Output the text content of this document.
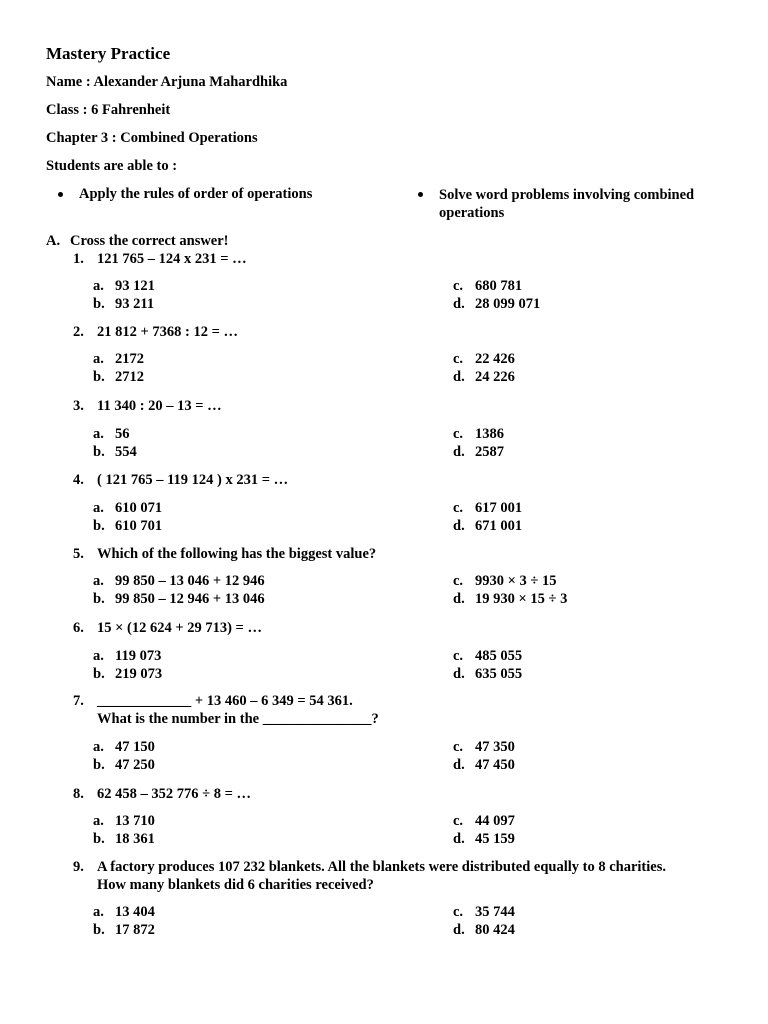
Mastery Practice
Name : Alexander Arjuna Mahardhika
Class : 6 Fahrenheit
Chapter 3 : Combined Operations
Students are able to :
Apply the rules of order of operations	Solve word problems involving combined operations
A. Cross the correct answer!
1. 121 765 – 124 x 231 = …
a. 93 121
b. 93 211
c. 680 781
d. 28 099 071
2. 21 812 + 7368 : 12 = …
a. 2172
b. 2712
c. 22 426
d. 24 226
3. 11 340 : 20 – 13 = …
a. 56
b. 554
c. 1386
d. 2587
4. ( 121 765 – 119 124 ) x 231 = …
a. 610 071
b. 610 701
c. 617 001
d. 671 001
5. Which of the following has the biggest value?
a. 99 850 – 13 046 + 12 946
b. 99 850 – 12 946 + 13 046
c. 9930 × 3 ÷ 15
d. 19 930 × 15 ÷ 3
6. 15 × (12 624 + 29 713) = …
a. 119 073
b. 219 073
c. 485 055
d. 635 055
7. _____________ + 13 460 – 6 349 = 54 361.
What is the number in the _______________?
a. 47 150
b. 47 250
c. 47 350
d. 47 450
8. 62 458 – 352 776 ÷ 8 = …
a. 13 710
b. 18 361
c. 44 097
d. 45 159
9. A factory produces 107 232 blankets. All the blankets were distributed equally to 8 charities.
How many blankets did 6 charities received?
a. 13 404
b. 17 872
c. 35 744
d. 80 424
